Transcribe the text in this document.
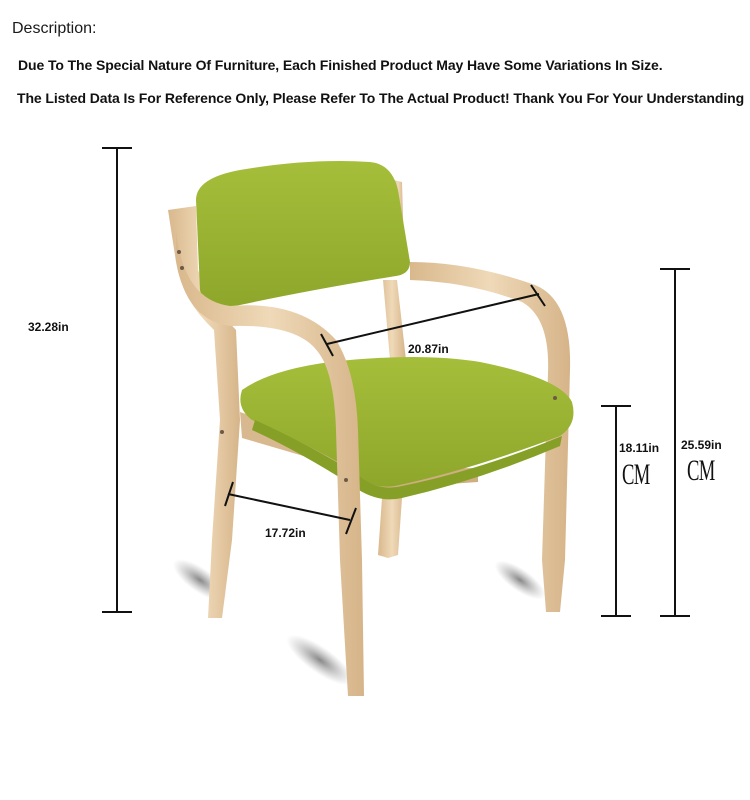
Description:
Due To The Special Nature Of Furniture, Each Finished Product May Have Some Variations In Size.
The Listed Data Is For Reference Only, Please Refer To The Actual Product! Thank You For Your Understanding
32.28in
20.87in
17.72in
18.11in 25.59in
CM CM
